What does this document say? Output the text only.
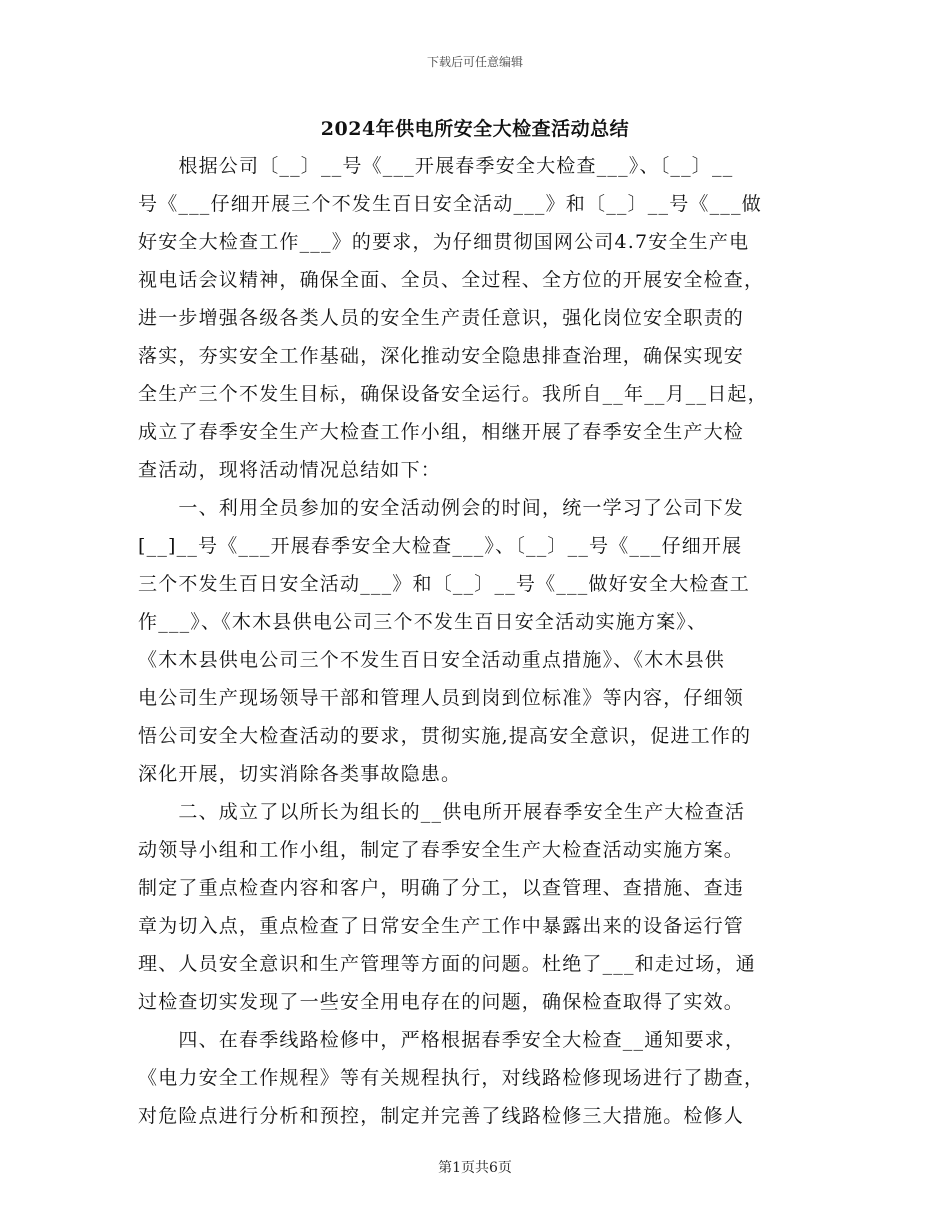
下载后可任意编辑
2024年供电所安全大检查活动总结
　　根据公司〔__〕__号《___开展春季安全大检查___》、〔__〕__
号《___仔细开展三个不发生百日安全活动___》和〔__〕__号《___做
好安全大检查工作___》的要求，为仔细贯彻国网公司4.7安全生产电
视电话会议精神，确保全面、全员、全过程、全方位的开展安全检查，
进一步增强各级各类人员的安全生产责任意识，强化岗位安全职责的
落实，夯实安全工作基础，深化推动安全隐患排查治理，确保实现安
全生产三个不发生目标，确保设备安全运行。我所自__年__月__日起，
成立了春季安全生产大检查工作小组，相继开展了春季安全生产大检
查活动，现将活动情况总结如下：
　　一、利用全员参加的安全活动例会的时间，统一学习了公司下发
[__]__号《___开展春季安全大检查___》、〔__〕__号《___仔细开展
三个不发生百日安全活动___》和〔__〕__号《___做好安全大检查工
作___》、《木木县供电公司三个不发生百日安全活动实施方案》、
《木木县供电公司三个不发生百日安全活动重点措施》、《木木县供
电公司生产现场领导干部和管理人员到岗到位标准》等内容，仔细领
悟公司安全大检查活动的要求，贯彻实施,提高安全意识，促进工作的
深化开展，切实消除各类事故隐患。
　　二、成立了以所长为组长的__供电所开展春季安全生产大检查活
动领导小组和工作小组，制定了春季安全生产大检查活动实施方案。
制定了重点检查内容和客户，明确了分工，以查管理、查措施、查违
章为切入点，重点检查了日常安全生产工作中暴露出来的设备运行管
理、人员安全意识和生产管理等方面的问题。杜绝了___和走过场，通
过检查切实发现了一些安全用电存在的问题，确保检查取得了实效。
　　四、在春季线路检修中，严格根据春季安全大检查__通知要求，
《电力安全工作规程》等有关规程执行，对线路检修现场进行了勘查，
对危险点进行分析和预控，制定并完善了线路检修三大措施。检修人
第1页共6页
